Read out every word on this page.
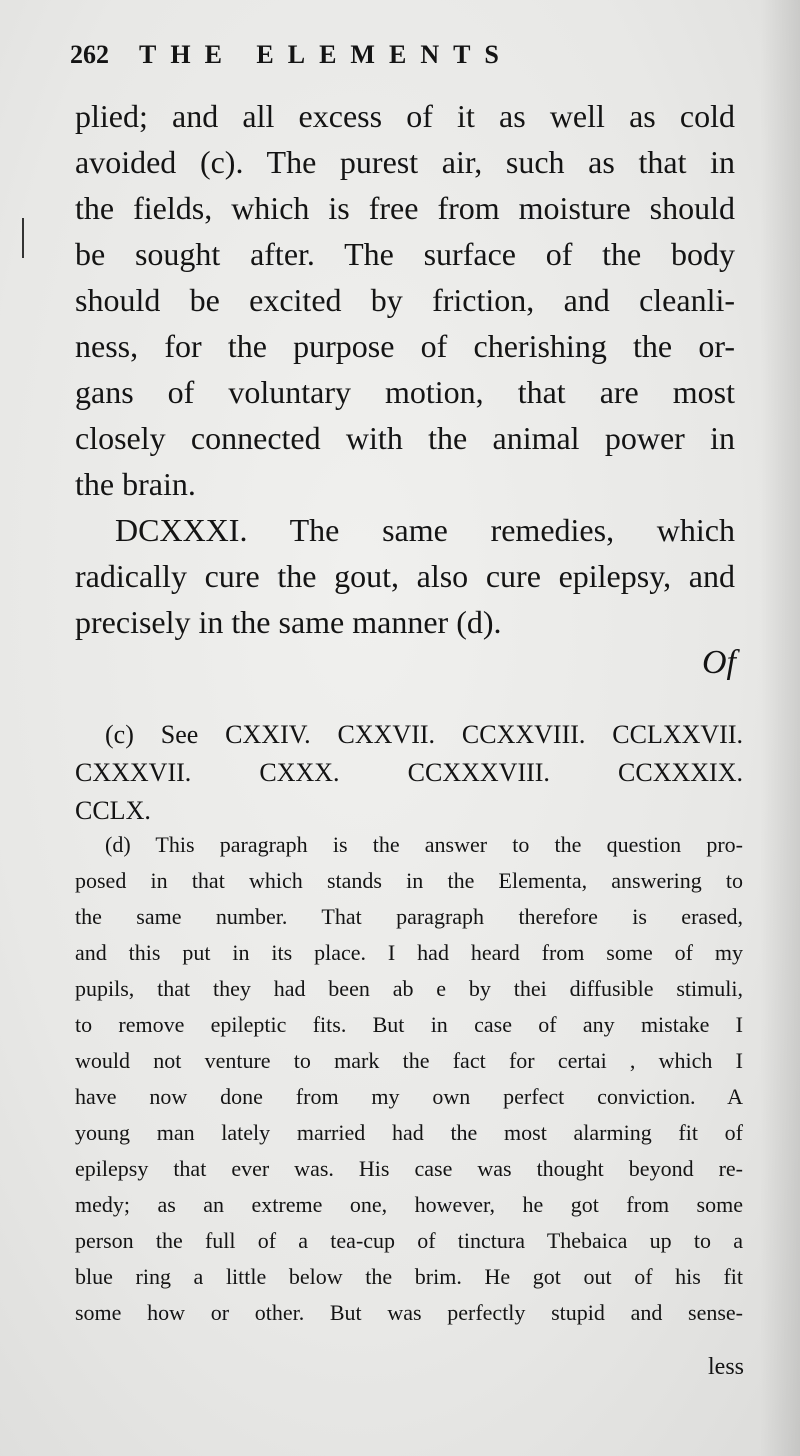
262 THE ELEMENTS
plied; and all excess of it as well as cold
avoided (c). The purest air, such as that in
the fields, which is free from moisture should
be sought after. The surface of the body
should be excited by friction, and cleanli-
ness, for the purpose of cherishing the or-
gans of voluntary motion, that are most
closely connected with the animal power in
the brain.
DCXXXI. The same remedies, which
radically cure the gout, also cure epilepsy, and
precisely in the same manner (d).
Of
(c) See CXXIV. CXXVII. CCXXVIII. CCLXXVII.
CXXXVII. CXXX. CCXXXVIII. CCXXXIX.
CCLX.
(d) This paragraph is the answer to the question pro-
posed in that which stands in the Elementa, answering to
the same number. That paragraph therefore is erased,
and this put in its place. I had heard from some of my
pupils, that they had been ab e by thei diffusible stimuli,
to remove epileptic fits. But in case of any mistake I
would not venture to mark the fact for certai , which I
have now done from my own perfect conviction. A
young man lately married had the most alarming fit of
epilepsy that ever was. His case was thought beyond re-
medy; as an extreme one, however, he got from some
person the full of a tea-cup of tinctura Thebaica up to a
blue ring a little below the brim. He got out of his fit
some how or other. But was perfectly stupid and sense-
less
